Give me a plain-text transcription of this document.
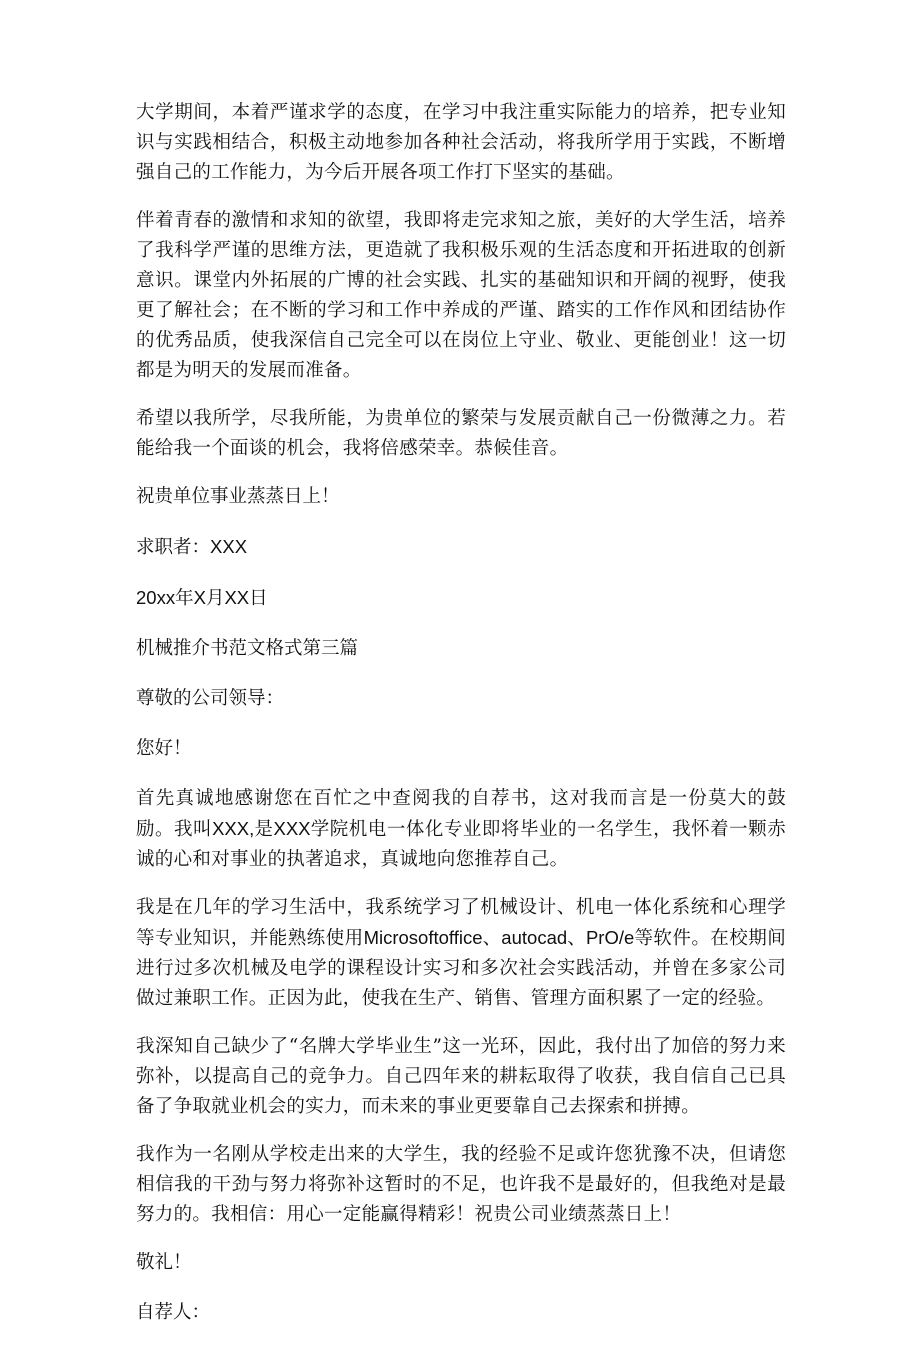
大学期间，本着严谨求学的态度，在学习中我注重实际能力的培养，把专业知识与实践相结合，积极主动地参加各种社会活动，将我所学用于实践，不断增强自己的工作能力，为今后开展各项工作打下坚实的基础。

伴着青春的激情和求知的欲望，我即将走完求知之旅，美好的大学生活，培养了我科学严谨的思维方法，更造就了我积极乐观的生活态度和开拓进取的创新意识。课堂内外拓展的广博的社会实践、扎实的基础知识和开阔的视野，使我更了解社会；在不断的学习和工作中养成的严谨、踏实的工作作风和团结协作的优秀品质，使我深信自己完全可以在岗位上守业、敬业、更能创业！这一切都是为明天的发展而准备。

希望以我所学，尽我所能，为贵单位的繁荣与发展贡献自己一份微薄之力。若能给我一个面谈的机会，我将倍感荣幸。恭候佳音。

祝贵单位事业蒸蒸日上！

求职者：XXX

20xx年X月XX日

机械推介书范文格式第三篇

尊敬的公司领导：

您好！

首先真诚地感谢您在百忙之中查阅我的自荐书，这对我而言是一份莫大的鼓励。我叫XXX,是XXX学院机电一体化专业即将毕业的一名学生，我怀着一颗赤诚的心和对事业的执著追求，真诚地向您推荐自己。

我是在几年的学习生活中，我系统学习了机械设计、机电一体化系统和心理学等专业知识，并能熟练使用Microsoftoffice、autocad、PrO/e等软件。在校期间进行过多次机械及电学的课程设计实习和多次社会实践活动，并曾在多家公司做过兼职工作。正因为此，使我在生产、销售、管理方面积累了一定的经验。

我深知自己缺少了“名牌大学毕业生”这一光环，因此，我付出了加倍的努力来弥补，以提高自己的竞争力。自己四年来的耕耘取得了收获，我自信自己已具备了争取就业机会的实力，而未来的事业更要靠自己去探索和拼搏。

我作为一名刚从学校走出来的大学生，我的经验不足或许您犹豫不决，但请您相信我的干劲与努力将弥补这暂时的不足，也许我不是最好的，但我绝对是最努力的。我相信：用心一定能赢得精彩！祝贵公司业绩蒸蒸日上！

敬礼！

自荐人：
